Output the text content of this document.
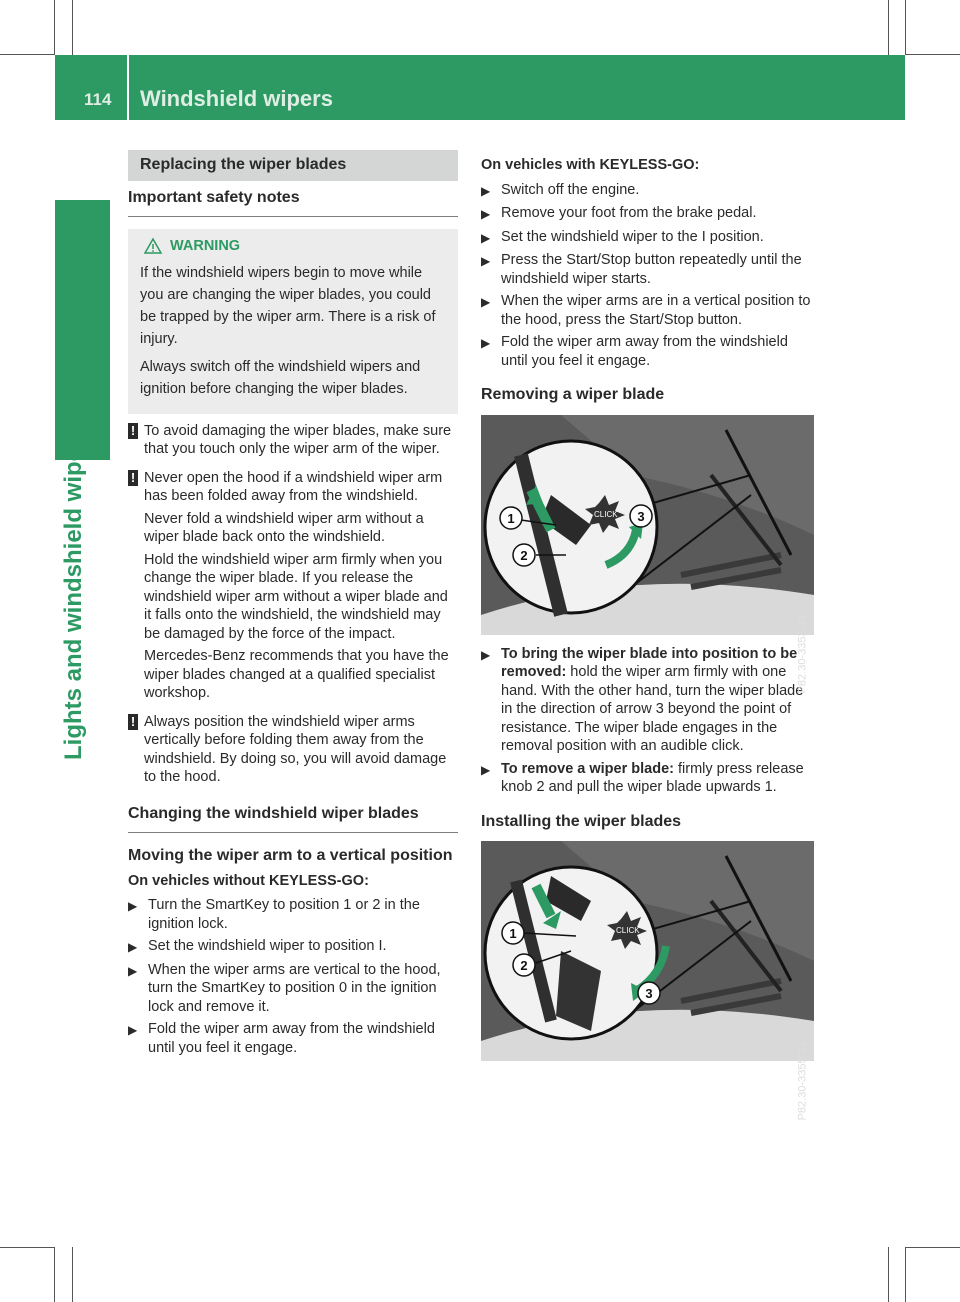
114 Windshield wipers
Lights and windshield wipers
Replacing the wiper blades
Important safety notes
WARNING

If the windshield wipers begin to move while you are changing the wiper blades, you could be trapped by the wiper arm. There is a risk of injury.

Always switch off the windshield wipers and ignition before changing the wiper blades.

! To avoid damaging the wiper blades, make sure that you touch only the wiper arm of the wiper.

! Never open the hood if a windshield wiper arm has been folded away from the windshield.

Never fold a windshield wiper arm without a wiper blade back onto the windshield.

Hold the windshield wiper arm firmly when you change the wiper blade. If you release the windshield wiper arm without a wiper blade and it falls onto the windshield, the windshield may be damaged by the force of the impact.

Mercedes-Benz recommends that you have the wiper blades changed at a qualified specialist workshop.

! Always position the windshield wiper arms vertically before folding them away from the windshield. By doing so, you will avoid damage to the hood.

Changing the windshield wiper blades
Moving the wiper arm to a vertical position
On vehicles without KEYLESS-GO:
▶ Turn the SmartKey to position 1 or 2 in the ignition lock.
▶ Set the windshield wiper to position I.
▶ When the wiper arms are vertical to the hood, turn the SmartKey to position 0 in the ignition lock and remove it.
▶ Fold the wiper arm away from the windshield until you feel it engage.
On vehicles with KEYLESS-GO:
▶ Switch off the engine.
▶ Remove your foot from the brake pedal.
▶ Set the windshield wiper to the I position.
▶ Press the Start/Stop button repeatedly until the windshield wiper starts.
▶ When the wiper arms are in a vertical position to the hood, press the Start/Stop button.
▶ Fold the wiper arm away from the windshield until you feel it engage.
Removing a wiper blade
CLICK
1
2
3
P82.30-3353-31
▶ To bring the wiper blade into position to be removed: hold the wiper arm firmly with one hand. With the other hand, turn the wiper blade in the direction of arrow 3 beyond the point of resistance. The wiper blade engages in the removal position with an audible click.
▶ To remove a wiper blade: firmly press release knob 2 and pull the wiper blade upwards 1.
Installing the wiper blades
CLICK
1
2
3
P82.30-3355-31
